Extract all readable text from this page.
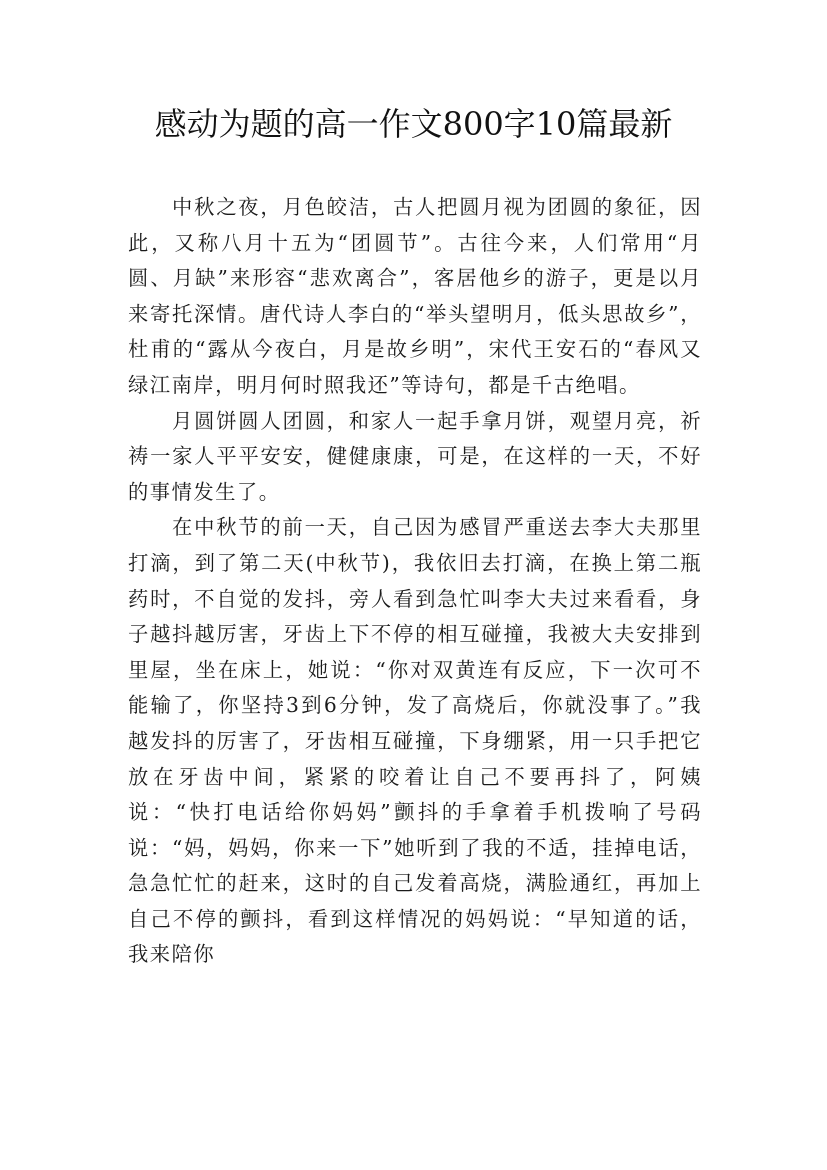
感动为题的高一作文800字10篇最新

中秋之夜，月色皎洁，古人把圆月视为团圆的象征，因此，又称八月十五为“团圆节”。古往今来，人们常用“月圆、月缺”来形容“悲欢离合”，客居他乡的游子，更是以月来寄托深情。唐代诗人李白的“举头望明月，低头思故乡”，杜甫的“露从今夜白，月是故乡明”，宋代王安石的“春风又绿江南岸，明月何时照我还”等诗句，都是千古绝唱。

月圆饼圆人团圆，和家人一起手拿月饼，观望月亮，祈祷一家人平平安安，健健康康，可是，在这样的一天，不好的事情发生了。

在中秋节的前一天，自己因为感冒严重送去李大夫那里打滴，到了第二天(中秋节)，我依旧去打滴，在换上第二瓶药时，不自觉的发抖，旁人看到急忙叫李大夫过来看看，身子越抖越厉害，牙齿上下不停的相互碰撞，我被大夫安排到里屋，坐在床上，她说：“你对双黄连有反应，下一次可不能输了，你坚持3到6分钟，发了高烧后，你就没事了。”我越发抖的厉害了，牙齿相互碰撞，下身绷紧，用一只手把它放在牙齿中间，紧紧的咬着让自己不要再抖了，阿姨说：“快打电话给你妈妈”颤抖的手拿着手机拨响了号码说：“妈，妈妈，你来一下”她听到了我的不适，挂掉电话，急急忙忙的赶来，这时的自己发着高烧，满脸通红，再加上自己不停的颤抖，看到这样情况的妈妈说：“早知道的话，我来陪你
